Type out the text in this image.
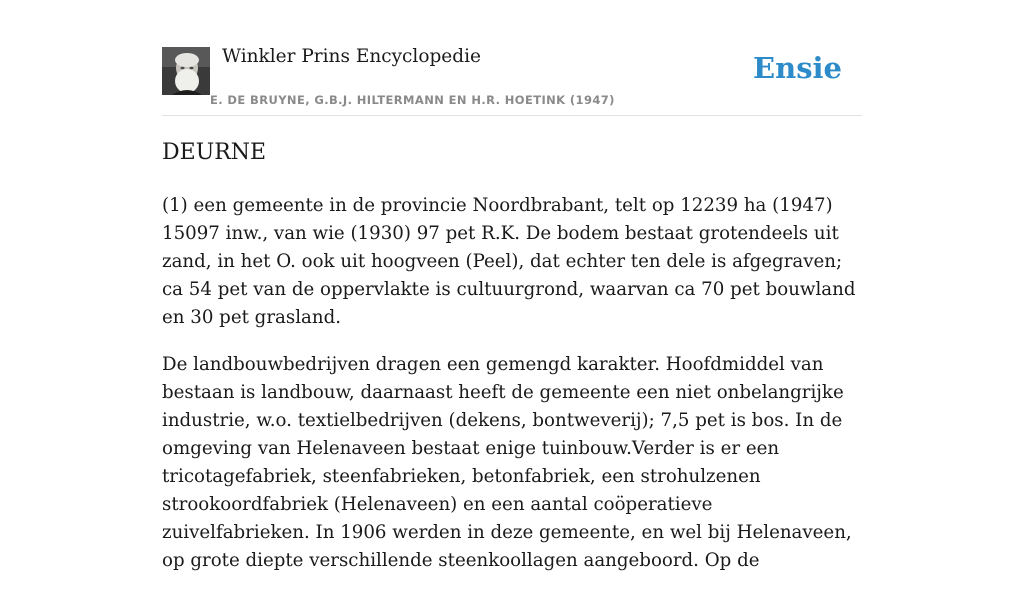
Winkler Prins Encyclopedie
E. DE BRUYNE, G.B.J. HILTERMANN EN H.R. HOETINK (1947)
Ensie
DEURNE

(1) een gemeente in de provincie Noordbrabant, telt op 12239 ha (1947) 15097 inw., van wie (1930) 97 pet R.K. De bodem bestaat grotendeels uit zand, in het O. ook uit hoogveen (Peel), dat echter ten dele is afgegraven; ca 54 pet van de oppervlakte is cultuurgrond, waarvan ca 70 pet bouwland en 30 pet grasland.

De landbouwbedrijven dragen een gemengd karakter. Hoofdmiddel van bestaan is landbouw, daarnaast heeft de gemeente een niet onbelangrijke industrie, w.o. textielbedrijven (dekens, bontweverij); 7,5 pet is bos. In de omgeving van Helenaveen bestaat enige tuinbouw.Verder is er een tricotagefabriek, steenfabrieken, betonfabriek, een strohulzenen strookoordfabriek (Helenaveen) en een aantal coöperatieve zuivelfabrieken. In 1906 werden in deze gemeente, en wel bij Helenaveen, op grote diepte verschillende steenkoollagen aangeboord. Op de
